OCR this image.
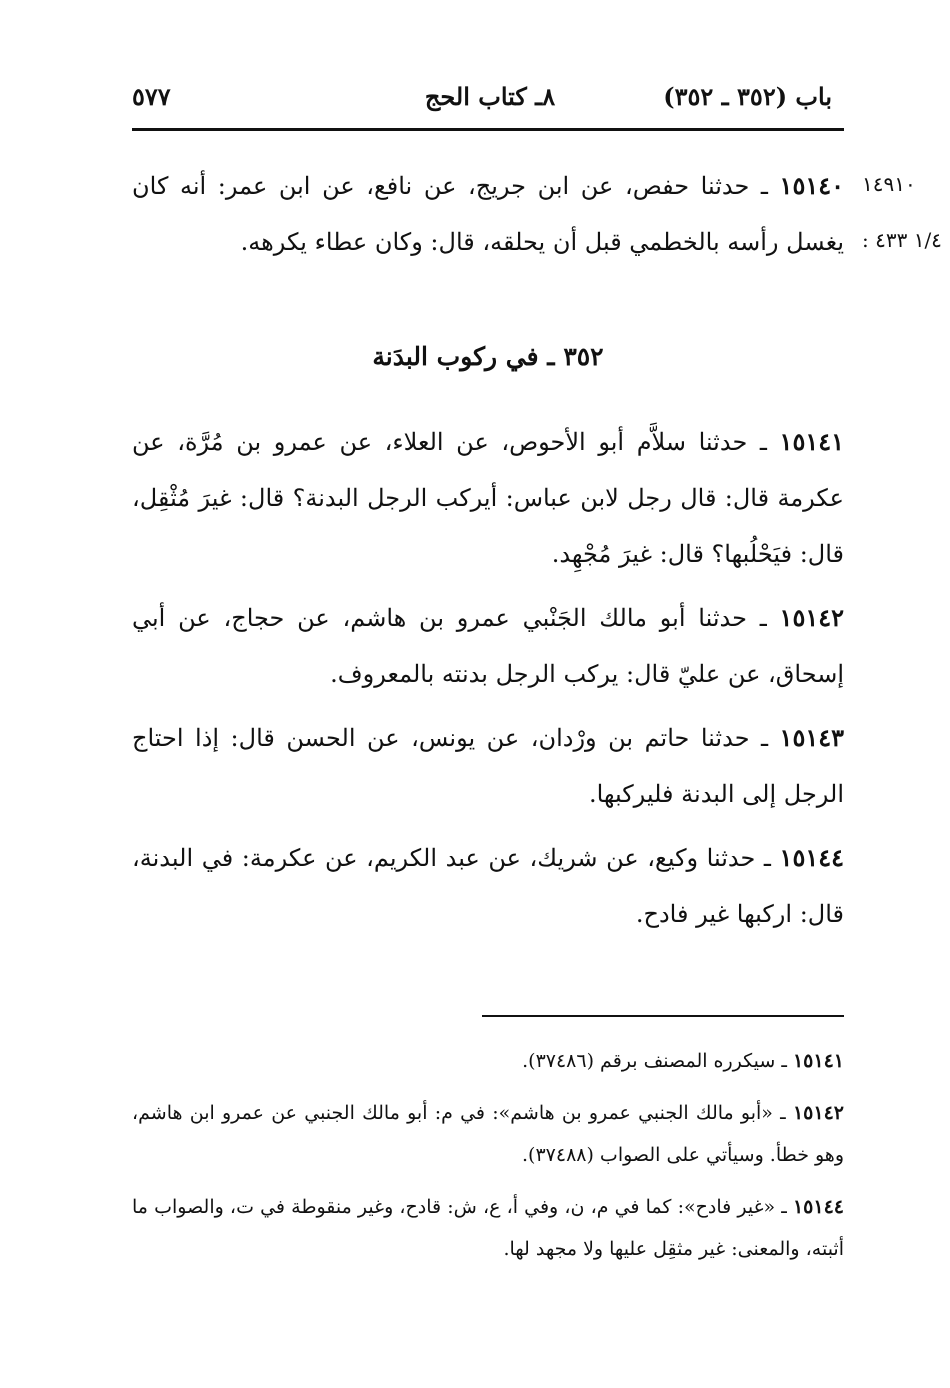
باب (٣٥٢ ـ ٣٥٢)
٨ـ كتاب الحج
٥٧٧
١٤٩١٠
١/٤ ٤٣٣ :
١٥١٤٠ ـ حدثنا حفص، عن ابن جريج، عن نافع، عن ابن عمر: أنه كان يغسل رأسه بالخطمي قبل أن يحلقه، قال: وكان عطاء يكرهه.
٣٥٢ ـ في ركوب البدَنة
١٥١٤١ ـ حدثنا سلاَّم أبو الأحوص، عن العلاء، عن عمرو بن مُرَّة، عن عكرمة قال: قال رجل لابن عباس: أيركب الرجل البدنة؟ قال: غيرَ مُثْقِل، قال: فيَحْلُبها؟ قال: غيرَ مُجْهِد.
١٥١٤٢ ـ حدثنا أبو مالك الجَنْبي عمرو بن هاشم، عن حجاج، عن أبي إسحاق، عن عليّ قال: يركب الرجل بدنته بالمعروف.
١٥١٤٣ ـ حدثنا حاتم بن ورْدان، عن يونس، عن الحسن قال: إذا احتاج الرجل إلى البدنة فليركبها.
١٥١٤٤ ـ حدثنا وكيع، عن شريك، عن عبد الكريم، عن عكرمة: في البدنة، قال: اركبها غير فادح.
١٥١٤١ ـ سيكرره المصنف برقم (٣٧٤٨٦).
١٥١٤٢ ـ «أبو مالك الجنبي عمرو بن هاشم»: في م: أبو مالك الجنبي عن عمرو ابن هاشم، وهو خطأ. وسيأتي على الصواب (٣٧٤٨٨).
١٥١٤٤ ـ «غير فادح»: كما في م، ن، وفي أ، ع، ش: قادح، وغير منقوطة في ت، والصواب ما أثبته، والمعنى: غير مثقِل عليها ولا مجهد لها.
